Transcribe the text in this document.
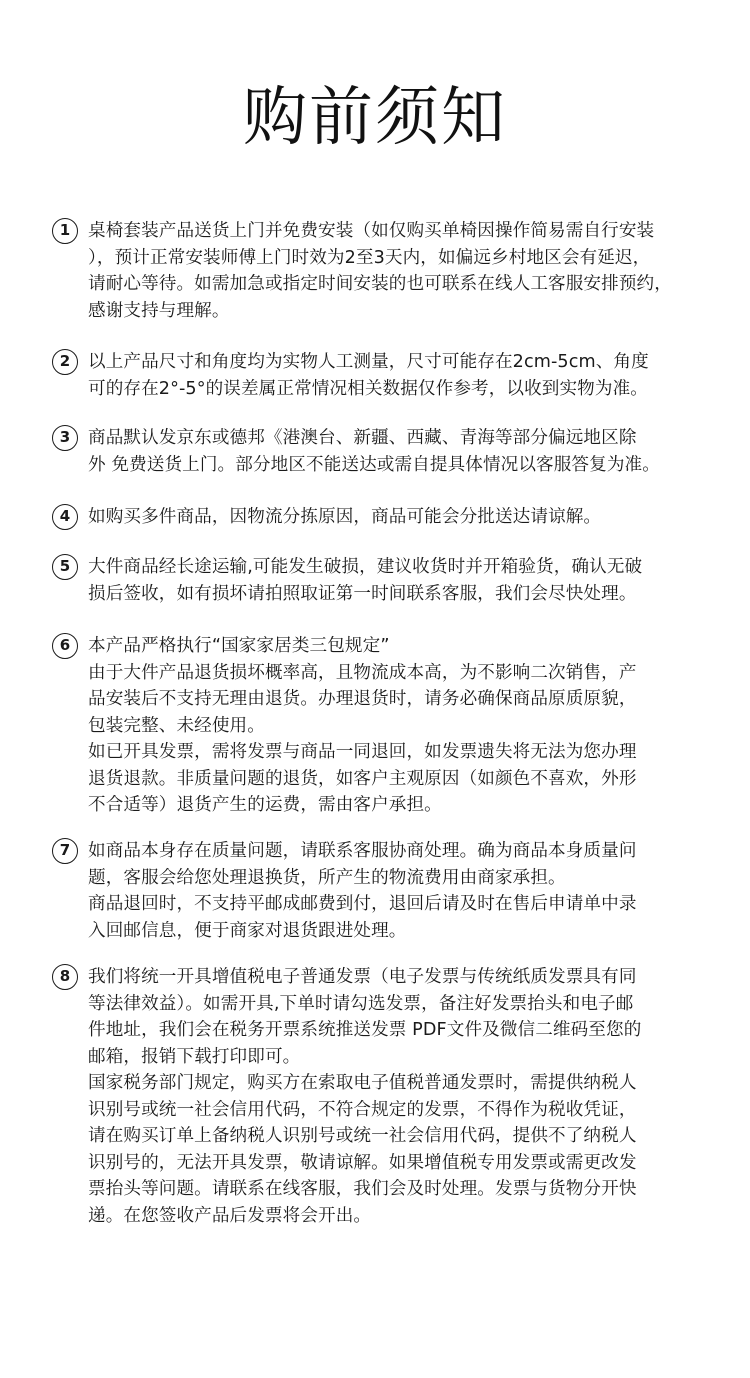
购前须知
1	桌椅套装产品送货上门并免费安装（如仅购买单椅因操作简易需自行安装
），预计正常安装师傅上门时效为2至3天内，如偏远乡村地区会有延迟，
请耐心等待。如需加急或指定时间安装的也可联系在线人工客服安排预约，
感谢支持与理解。
2	以上产品尺寸和角度均为实物人工测量，尺寸可能存在2cm-5cm、角度
可的存在2°-5°的误差属正常情况相关数据仅作参考，以收到实物为准。
3	商品默认发京东或德邦《港澳台、新疆、西藏、青海等部分偏远地区除
外 免费送货上门。部分地区不能送达或需自提具体情况以客服答复为准。
4	如购买多件商品，因物流分拣原因，商品可能会分批送达请谅解。
5	大件商品经长途运输,可能发生破损，建议收货时并开箱验货，确认无破
损后签收，如有损坏请拍照取证第一时间联系客服，我们会尽快处理。
6	本产品严格执行“国家家居类三包规定”
由于大件产品退货损坏概率高，且物流成本高，为不影响二次销售，产
品安装后不支持无理由退货。办理退货时，请务必确保商品原质原貌，
包装完整、未经使用。
如已开具发票，需将发票与商品一同退回，如发票遗失将无法为您办理
退货退款。非质量问题的退货，如客户主观原因（如颜色不喜欢，外形
不合适等）退货产生的运费，需由客户承担。
7	如商品本身存在质量问题，请联系客服协商处理。确为商品本身质量问
题，客服会给您处理退换货，所产生的物流费用由商家承担。
商品退回时，不支持平邮成邮费到付，退回后请及时在售后申请单中录
入回邮信息，便于商家对退货跟进处理。
8	我们将统一开具增值税电子普通发票（电子发票与传统纸质发票具有同
等法律效益）。如需开具,下单时请勾选发票，备注好发票抬头和电子邮
件地址，我们会在税务开票系统推送发票 PDF文件及微信二维码至您的
邮箱，报销下载打印即可。
国家税务部门规定，购买方在索取电子值税普通发票时，需提供纳税人
识别号或统一社会信用代码，不符合规定的发票，不得作为税收凭证，
请在购买订单上备纳税人识别号或统一社会信用代码，提供不了纳税人
识别号的，无法开具发票，敬请谅解。如果增值税专用发票或需更改发
票抬头等问题。请联系在线客服，我们会及时处理。发票与货物分开快
递。在您签收产品后发票将会开出。
